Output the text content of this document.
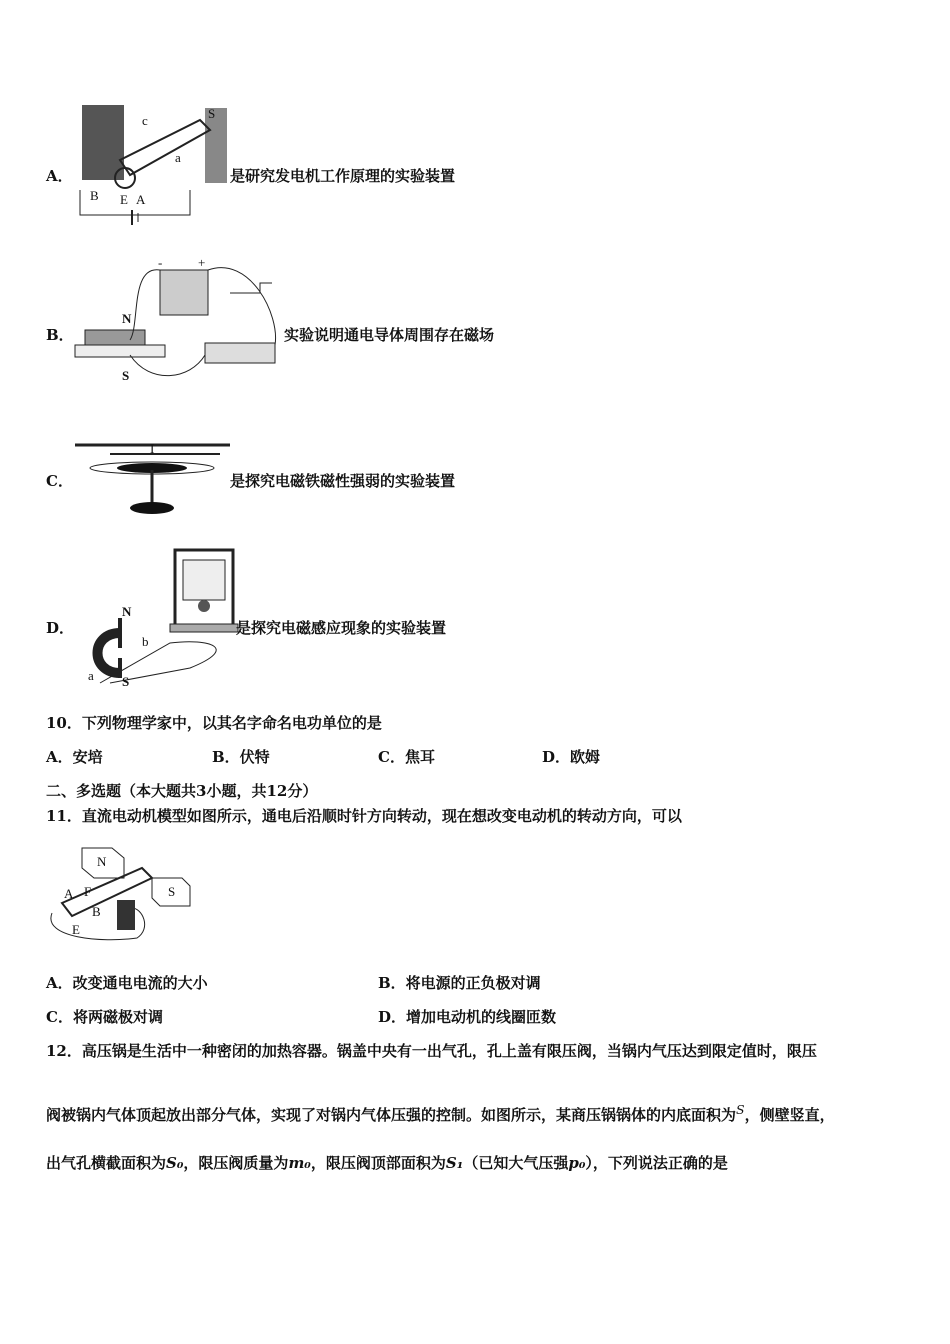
A．
c	S
a
B E A
是研究发电机工作原理的实验装置
B．
N
S
-	+
实验说明通电导体周围存在磁场
C．
I
是探究电磁铁磁性强弱的实验装置
D．
N
S
a
b
是探究电磁感应现象的实验装置
10．下列物理学家中，以其名字命名电功单位的是
A．安培	B．伏特	C．焦耳	D．欧姆
二、多选题（本大题共3小题，共12分）
11．直流电动机模型如图所示，通电后沿顺时针方向转动，现在想改变电动机的转动方向，可以
N
S
A F
B
E
A．改变通电电流的大小	B．将电源的正负极对调
C．将两磁极对调	D．增加电动机的线圈匝数
12．高压锅是生活中一种密闭的加热容器。锅盖中央有一出气孔，孔上盖有限压阀，当锅内气压达到限定值时，限压
阀被锅内气体顶起放出部分气体，实现了对锅内气体压强的控制。如图所示，某商压锅锅体的内底面积为$^S$，侧壁竖直，
出气孔横截面积为S₀，限压阀质量为m₀，限压阀顶部面积为S₁（已知大气压强p₀），下列说法正确的是
